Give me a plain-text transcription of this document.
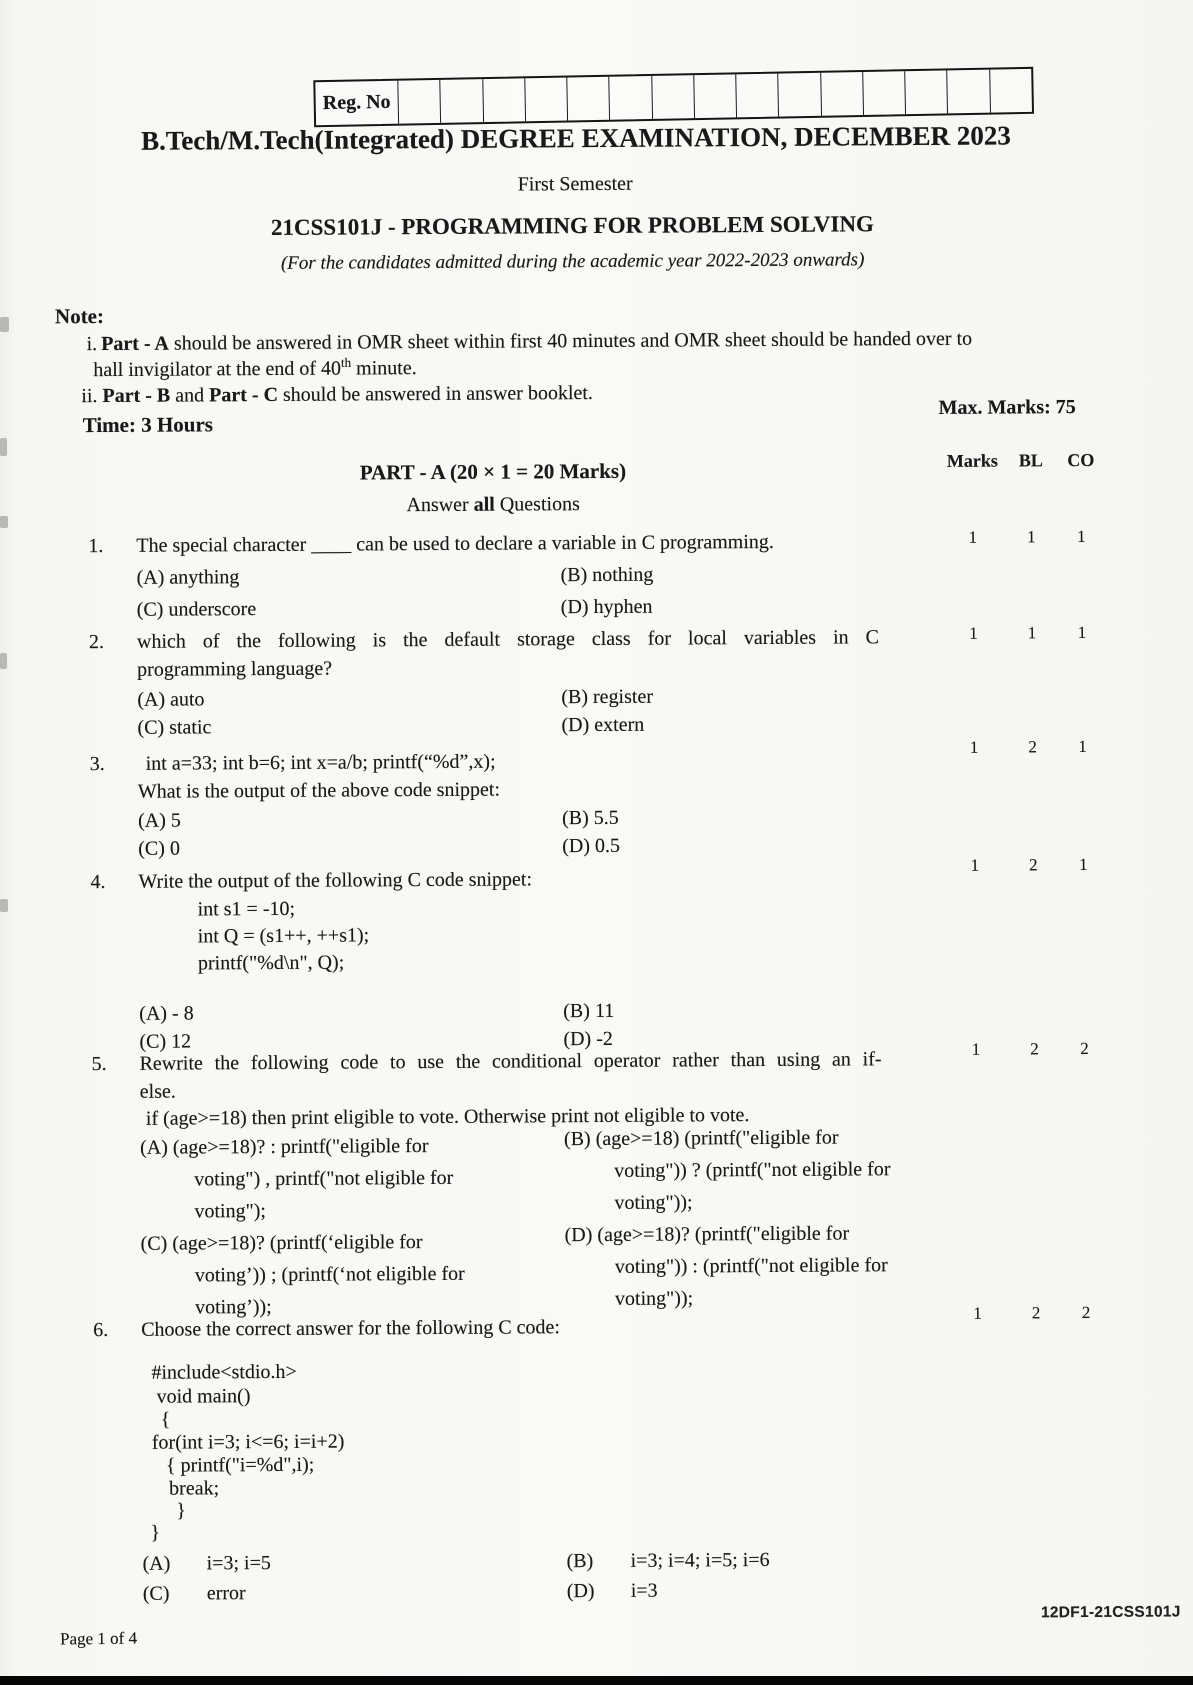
Reg. No
B.Tech/M.Tech(Integrated) DEGREE EXAMINATION, DECEMBER 2023
First Semester
21CSS101J - PROGRAMMING FOR PROBLEM SOLVING
(For the candidates admitted during the academic year 2022-2023 onwards)
Note:
i. Part - A should be answered in OMR sheet within first 40 minutes and OMR sheet should be handed over to
hall invigilator at the end of 40th minute.
ii. Part - B and Part - C should be answered in answer booklet.
Time: 3 Hours
Max. Marks: 75
Marks	BL	CO
PART - A (20 × 1 = 20 Marks)
Answer all Questions
1.	The special character ____ can be used to declare a variable in C programming.	1	1	1
(A) anything	(B) nothing
(C) underscore	(D) hyphen
2.	which of the following is the default storage class for local variables in C
programming language?
1	1	1
(A) auto	(B) register
(C) static	(D) extern
3.	int a=33; int b=6; int x=a/b; printf(“%d”,x);
What is the output of the above code snippet:
1	2	1
(A) 5	(B) 5.5
(C) 0	(D) 0.5
4.	Write the output of the following C code snippet:
1	2	1
int s1 = -10;
int Q = (s1++, ++s1);
printf("%d\n", Q);
(A) - 8	(B) 11
(C) 12	(D) -2
5.	Rewrite the following code to use the conditional operator rather than using an if-
else.
if (age>=18) then print eligible to vote. Otherwise print not eligible to vote.
1	2	2
(A) (age>=18)? : printf("eligible for
voting") , printf("not eligible for
voting");
(B) (age>=18) (printf("eligible for
voting")) ? (printf("not eligible for
voting"));
(C) (age>=18)? (printf(‘eligible for
voting’)) ; (printf(‘not eligible for
voting’));
(D) (age>=18)? (printf("eligible for
voting")) : (printf("not eligible for
voting"));
6.	Choose the correct answer for the following C code:
1	2	2
#include<stdio.h>
void main()
{
for(int i=3; i<=6; i=i+2)
{ printf("i=%d",i);
break;
}
}
(A) i=3; i=5	(B) i=3; i=4; i=5; i=6
(C) error	(D) i=3
Page 1 of 4
12DF1-21CSS101J
